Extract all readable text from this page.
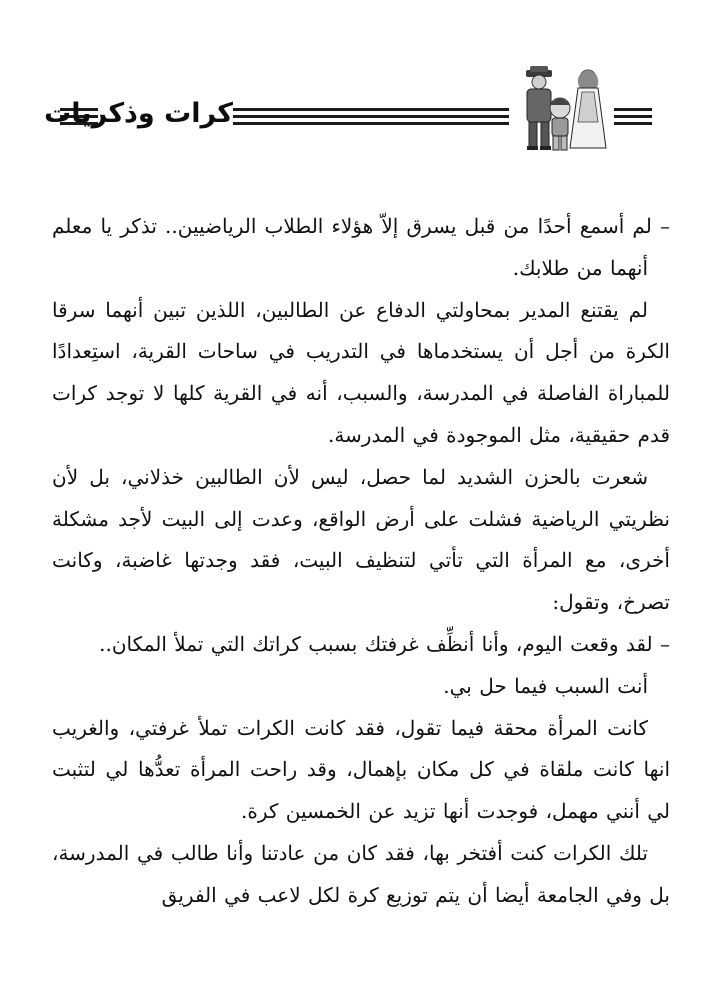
كرات وذكريات

– لم أسمع أحدًا من قبل يسرق إلاّ هؤلاء الطلاب الرياضيين.. تذكر يا معلم أنهما من طلابك.

لم يقتنع المدير بمحاولتي الدفاع عن الطالبين، اللذين تبين أنهما سرقا الكرة من أجل أن يستخدماها في التدريب في ساحات القرية، استِعدادًا للمباراة الفاصلة في المدرسة، والسبب، أنه في القرية كلها لا توجد كرات قدم حقيقية، مثل الموجودة في المدرسة.

شعرت بالحزن الشديد لما حصل، ليس لأن الطالبين خذلاني، بل لأن نظريتي الرياضية فشلت على أرض الواقع، وعدت إلى البيت لأجد مشكلة أخرى، مع المرأة التي تأتي لتنظيف البيت، فقد وجدتها غاضبة، وكانت تصرخ، وتقول:

– لقد وقعت اليوم، وأنا أنظِّف غرفتك بسبب كراتك التي تملأ المكان..

أنت السبب فيما حل بي.

كانت المرأة محقة فيما تقول، فقد كانت الكرات تملأ غرفتي، والغريب انها كانت ملقاة في كل مكان بإهمال، وقد راحت المرأة تعدُّها لي لتثبت لي أنني مهمل، فوجدت أنها تزيد عن الخمسين كرة.

تلك الكرات كنت أفتخر بها، فقد كان من عادتنا وأنا طالب في المدرسة، بل وفي الجامعة أيضا أن يتم توزيع كرة لكل لاعب في الفريق
